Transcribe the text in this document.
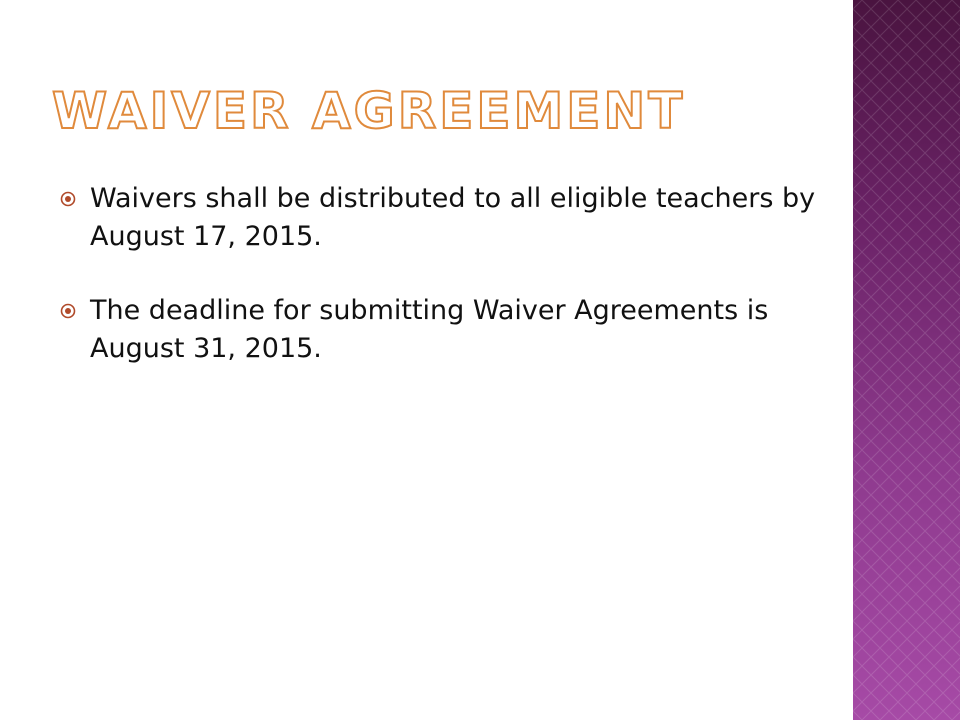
WAIVER AGREEMENT
Waivers shall be distributed to all eligible teachers by August 17, 2015.
The deadline for submitting Waiver Agreements is August 31, 2015.
